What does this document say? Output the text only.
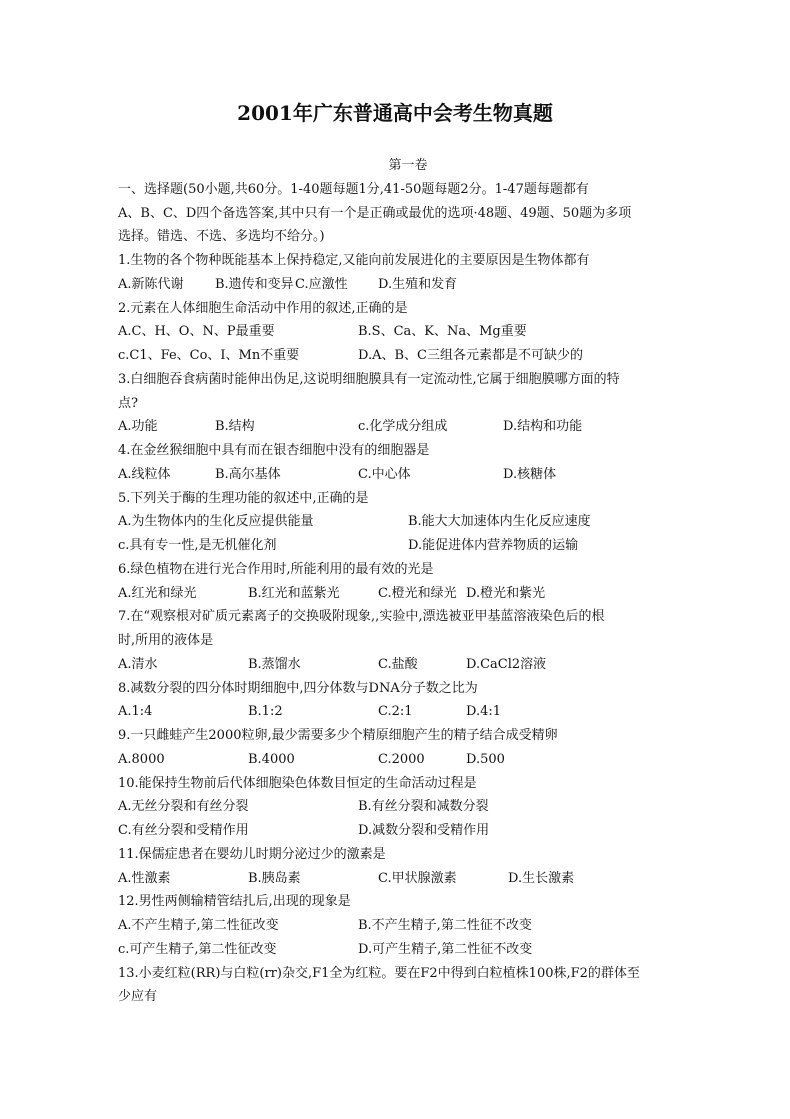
2001年广东普通高中会考生物真题
第一卷
一、选择题(50小题,共60分。1-40题每题1分,41-50题每题2分。1-47题每题都有
A、B、C、D四个备选答案,其中只有一个是正确或最优的选项·48题、49题、50题为多项
选择。错选、不选、多选均不给分。)
1.生物的各个物种既能基本上保持稳定,又能向前发展进化的主要原因是生物体都有
A.新陈代谢 B.遗传和变异 C.应激性 D.生殖和发育
2.元素在人体细胞生命活动中作用的叙述,正确的是
A.C、H、O、N、P最重要	B.S、Ca、K、Na、Mg重要
c.C1、Fe、Co、I、Mn不重要	D.A、B、C三组各元素都是不可缺少的
3.白细胞吞食病菌时能伸出伪足,这说明细胞膜具有一定流动性,它属于细胞膜哪方面的特
点?
A.功能	B.结构	c.化学成分组成	D.结构和功能
4.在金丝猴细胞中具有而在银杏细胞中没有的细胞器是
A.线粒体	B.高尔基体	C.中心体	D.核糖体
5.下列关于酶的生理功能的叙述中,正确的是
A.为生物体内的生化反应提供能量	B.能大大加速体内生化反应速度
c.具有专一性,是无机催化剂	D.能促进体内营养物质的运输
6.绿色植物在进行光合作用时,所能利用的最有效的光是
A.红光和绿光	B.红光和蓝紫光	C.橙光和绿光 D.橙光和紫光
7.在“观察根对矿质元素离子的交换吸附现象,,实验中,漂选被亚甲基蓝溶液染色后的根
时,所用的液体是
A.清水	B.蒸馏水	C.盐酸	D.CaCl2溶液
8.减数分裂的四分体时期细胞中,四分体数与DNA分子数之比为
A.1:4	B.1:2	C.2:1	D.4:1
9.一只雌蛙产生2000粒卵,最少需要多少个精原细胞产生的精子结合成受精卵
A.8000	B.4000	C.2000	D.500
10.能保持生物前后代体细胞染色体数目恒定的生命活动过程是
A.无丝分裂和有丝分裂	B.有丝分裂和减数分裂
C.有丝分裂和受精作用	D.减数分裂和受精作用
11.保儒症患者在婴幼儿时期分泌过少的激素是
A.性激素	B.胰岛素	C.甲状腺激素	D.生长激素
12.男性两侧输精管结扎后,出现的现象是
A.不产生精子,第二性征改变	B.不产生精子,第二性征不改变
c.可产生精子,第二性征改变	D.可产生精子,第二性征不改变
13.小麦红粒(RR)与白粒(rr)杂交,F1全为红粒。要在F2中得到白粒植株100株,F2的群体至
少应有
